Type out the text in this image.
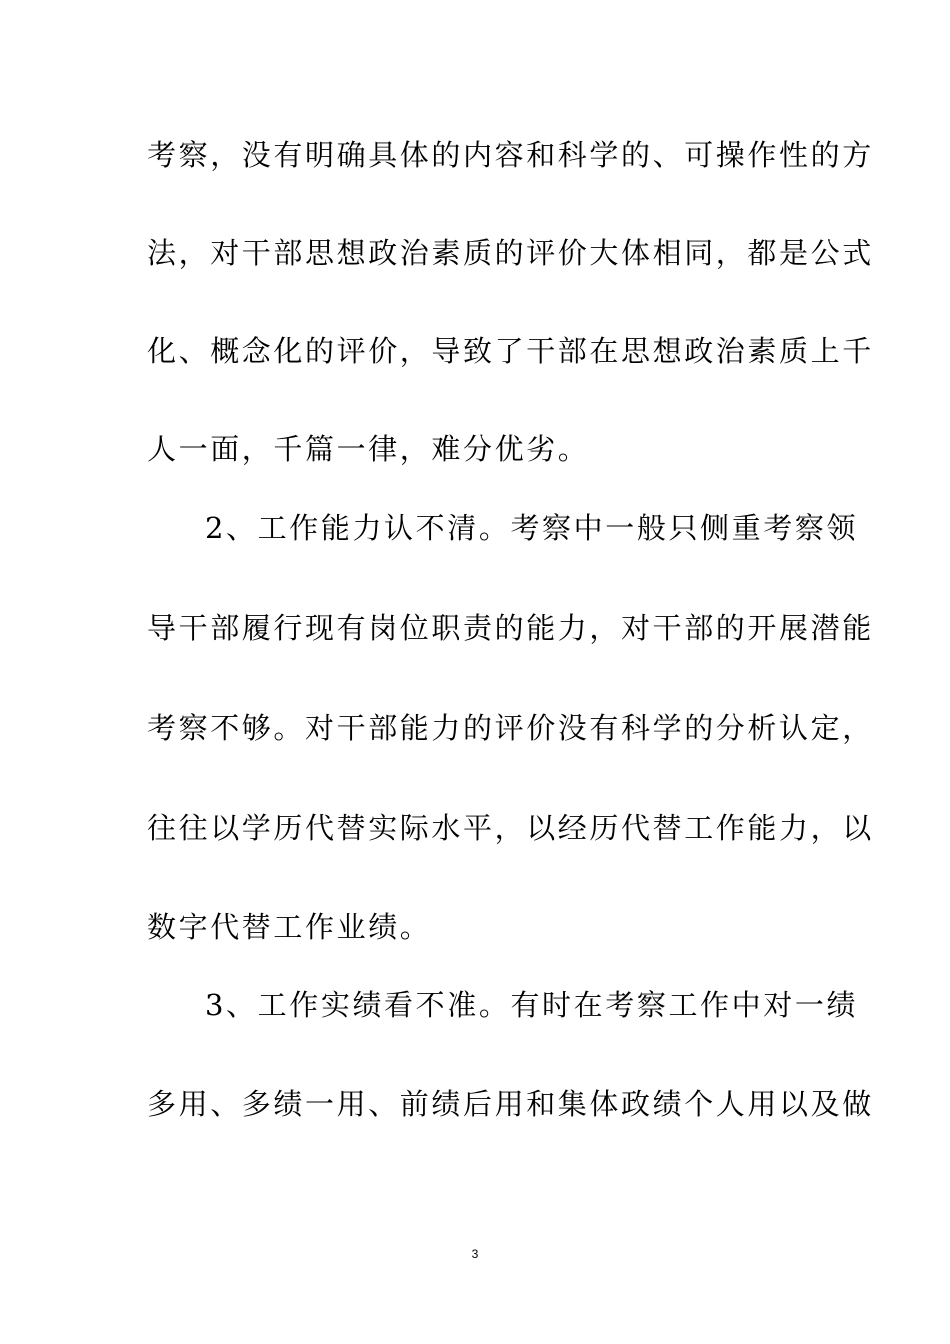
考察，没有明确具体的内容和科学的、可操作性的方
法，对干部思想政治素质的评价大体相同，都是公式
化、概念化的评价，导致了干部在思想政治素质上千
人一面，千篇一律，难分优劣。
2、工作能力认不清。考察中一般只侧重考察领
导干部履行现有岗位职责的能力，对干部的开展潜能
考察不够。对干部能力的评价没有科学的分析认定，
往往以学历代替实际水平，以经历代替工作能力，以
数字代替工作业绩。
3、工作实绩看不准。有时在考察工作中对一绩
多用、多绩一用、前绩后用和集体政绩个人用以及做
3
